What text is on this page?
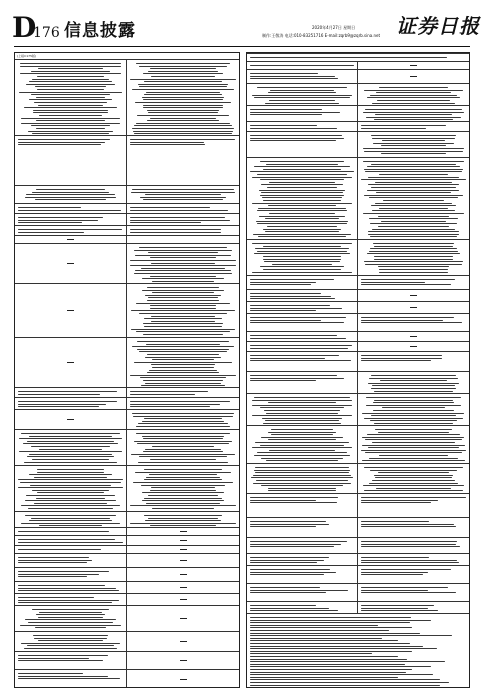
D
176 信息披露	2020年4月27日 星期日
制作:王敬涛 电话:010-83251716 E-mail:zqrb9@zqrb.sina.net 证券日报
(上接C175版)
